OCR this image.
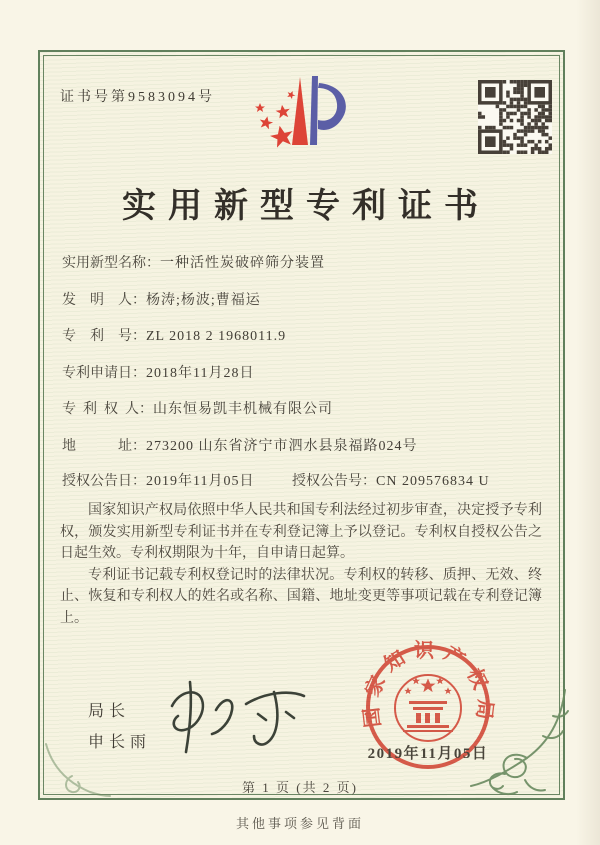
证书号第9583094号
实用新型专利证书
实用新型名称：一种活性炭破碎筛分装置
发　明　人：杨涛;杨波;曹福运
专　利　号：ZL 2018 2 1968011.9
专利申请日：2018年11月28日
专 利 权 人：山东恒易凯丰机械有限公司
地　　　址：273200 山东省济宁市泗水县泉福路024号
授权公告日：2019年11月05日	授权公告号：CN 209576834 U

国家知识产权局依照中华人民共和国专利法经过初步审查，决定授予专利权，颁发实用新型专利证书并在专利登记簿上予以登记。专利权自授权公告之日起生效。专利权期限为十年，自申请日起算。

专利证书记载专利权登记时的法律状况。专利权的转移、质押、无效、终止、恢复和专利权人的姓名或名称、国籍、地址变更等事项记载在专利登记簿上。

局长
申长雨
国家知识产权局
2019年11月05日
第 1 页 (共 2 页)
其他事项参见背面
